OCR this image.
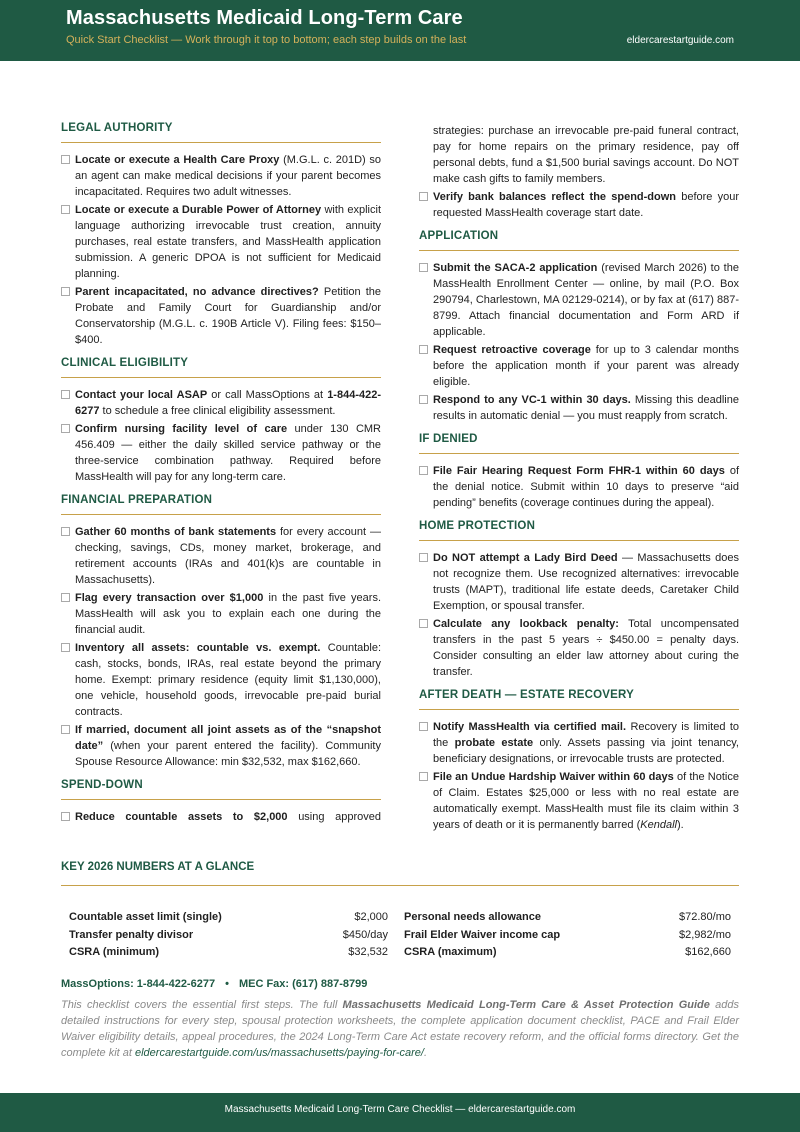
Massachusetts Medicaid Long-Term Care
Quick Start Checklist — Work through it top to bottom; each step builds on the last	eldercarestartguide.com
LEGAL AUTHORITY
Locate or execute a Health Care Proxy (M.G.L. c. 201D) so an agent can make medical decisions if your parent becomes incapacitated. Requires two adult witnesses.
Locate or execute a Durable Power of Attorney with explicit language authorizing irrevocable trust creation, annuity purchases, real estate transfers, and MassHealth application submission. A generic DPOA is not sufficient for Medicaid planning.
Parent incapacitated, no advance directives? Petition the Probate and Family Court for Guardianship and/or Conservatorship (M.G.L. c. 190B Article V). Filing fees: $150–$400.
CLINICAL ELIGIBILITY
Contact your local ASAP or call MassOptions at 1-844-422-6277 to schedule a free clinical eligibility assessment.
Confirm nursing facility level of care under 130 CMR 456.409 — either the daily skilled service pathway or the three-service combination pathway. Required before MassHealth will pay for any long-term care.
FINANCIAL PREPARATION
Gather 60 months of bank statements for every account — checking, savings, CDs, money market, brokerage, and retirement accounts (IRAs and 401(k)s are countable in Massachusetts).
Flag every transaction over $1,000 in the past five years. MassHealth will ask you to explain each one during the financial audit.
Inventory all assets: countable vs. exempt. Countable: cash, stocks, bonds, IRAs, real estate beyond the primary home. Exempt: primary residence (equity limit $1,130,000), one vehicle, household goods, irrevocable pre-paid burial contracts.
If married, document all joint assets as of the “snapshot date” (when your parent entered the facility). Community Spouse Resource Allowance: min $32,532, max $162,660.
SPEND-DOWN
Reduce countable assets to $2,000 using approved
strategies: purchase an irrevocable pre-paid funeral contract, pay for home repairs on the primary residence, pay off personal debts, fund a $1,500 burial savings account. Do NOT make cash gifts to family members.
Verify bank balances reflect the spend-down before your requested MassHealth coverage start date.
APPLICATION
Submit the SACA-2 application (revised March 2026) to the MassHealth Enrollment Center — online, by mail (P.O. Box 290794, Charlestown, MA 02129-0214), or by fax at (617) 887-8799. Attach financial documentation and Form ARD if applicable.
Request retroactive coverage for up to 3 calendar months before the application month if your parent was already eligible.
Respond to any VC-1 within 30 days. Missing this deadline results in automatic denial — you must reapply from scratch.
IF DENIED
File Fair Hearing Request Form FHR-1 within 60 days of the denial notice. Submit within 10 days to preserve “aid pending” benefits (coverage continues during the appeal).
HOME PROTECTION
Do NOT attempt a Lady Bird Deed — Massachusetts does not recognize them. Use recognized alternatives: irrevocable trusts (MAPT), traditional life estate deeds, Caretaker Child Exemption, or spousal transfer.
Calculate any lookback penalty: Total uncompensated transfers in the past 5 years ÷ $450.00 = penalty days. Consider consulting an elder law attorney about curing the transfer.
AFTER DEATH — ESTATE RECOVERY
Notify MassHealth via certified mail. Recovery is limited to the probate estate only. Assets passing via joint tenancy, beneficiary designations, or irrevocable trusts are protected.
File an Undue Hardship Waiver within 60 days of the Notice of Claim. Estates $25,000 or less with no real estate are automatically exempt. MassHealth must file its claim within 3 years of death or it is permanently barred (Kendall).
KEY 2026 NUMBERS AT A GLANCE
Countable asset limit (single)	$2,000 Personal needs allowance	$72.80/mo
Transfer penalty divisor	$450/day Frail Elder Waiver income cap	$2,982/mo
CSRA (minimum)	$32,532 CSRA (maximum)	$162,660
MassOptions: 1-844-422-6277 • MEC Fax: (617) 887-8799
This checklist covers the essential first steps. The full Massachusetts Medicaid Long-Term Care & Asset Protection Guide adds detailed instructions for every step, spousal protection worksheets, the complete application document checklist, PACE and Frail Elder Waiver eligibility details, appeal procedures, the 2024 Long-Term Care Act estate recovery reform, and the official forms directory. Get the complete kit at eldercarestartguide.com/us/massachusetts/paying-for-care/.
Massachusetts Medicaid Long-Term Care Checklist — eldercarestartguide.com
